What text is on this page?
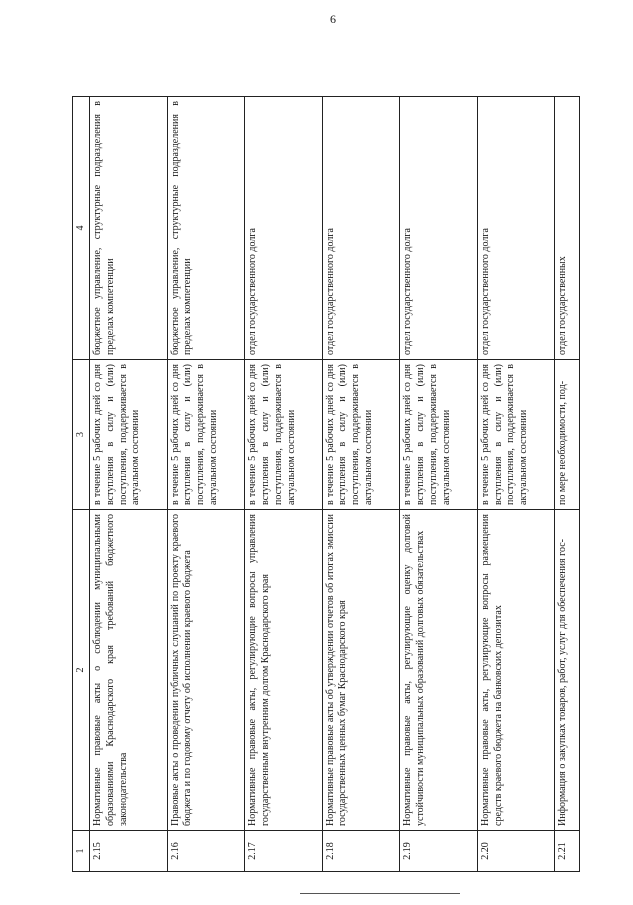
6
1	2	3	4
2.15	Нормативные правовые акты о соблюдении муниципальными образованиями Краснодарского края требований бюджетного законодательства	в течение 5 рабочих дней со дня вступления в силу и (или) поступления, поддерживается в актуальном состоянии	бюджетное управление, структурные подразделения в пределах компетенции
2.16	Правовые акты о проведении публичных слушаний по проекту краевого бюджета и по годовому отчету об исполнении краевого бюджета	в течение 5 рабочих дней со дня вступления в силу и (или) поступления, поддерживается в актуальном состоянии	бюджетное управление, структурные подразделения в пределах компетенции
2.17	Нормативные правовые акты, регулирующие вопросы управления государственным внутренним долгом Краснодарского края	в течение 5 рабочих дней со дня вступления в силу и (или) поступления, поддерживается в актуальном состоянии	отдел государственного долга
2.18	Нормативные правовые акты об утверждении отчетов об итогах эмиссии государственных ценных бумаг Краснодарского края	в течение 5 рабочих дней со дня вступления в силу и (или) поступления, поддерживается в актуальном состоянии	отдел государственного долга
2.19	Нормативные правовые акты, регулирующие оценку долговой устойчивости муниципальных образований долговых обязательствах	в течение 5 рабочих дней со дня вступления в силу и (или) поступления, поддерживается в актуальном состоянии	отдел государственного долга
2.20	Нормативные правовые акты, регулирующие вопросы размещения средств краевого бюджета на банковских депозитах	в течение 5 рабочих дней со дня вступления в силу и (или) поступления, поддерживается в актуальном состоянии	отдел государственного долга
2.21	Информация о закупках товаров, работ, услуг для обеспечения гос-	по мере необходимости, под-	отдел государственных
